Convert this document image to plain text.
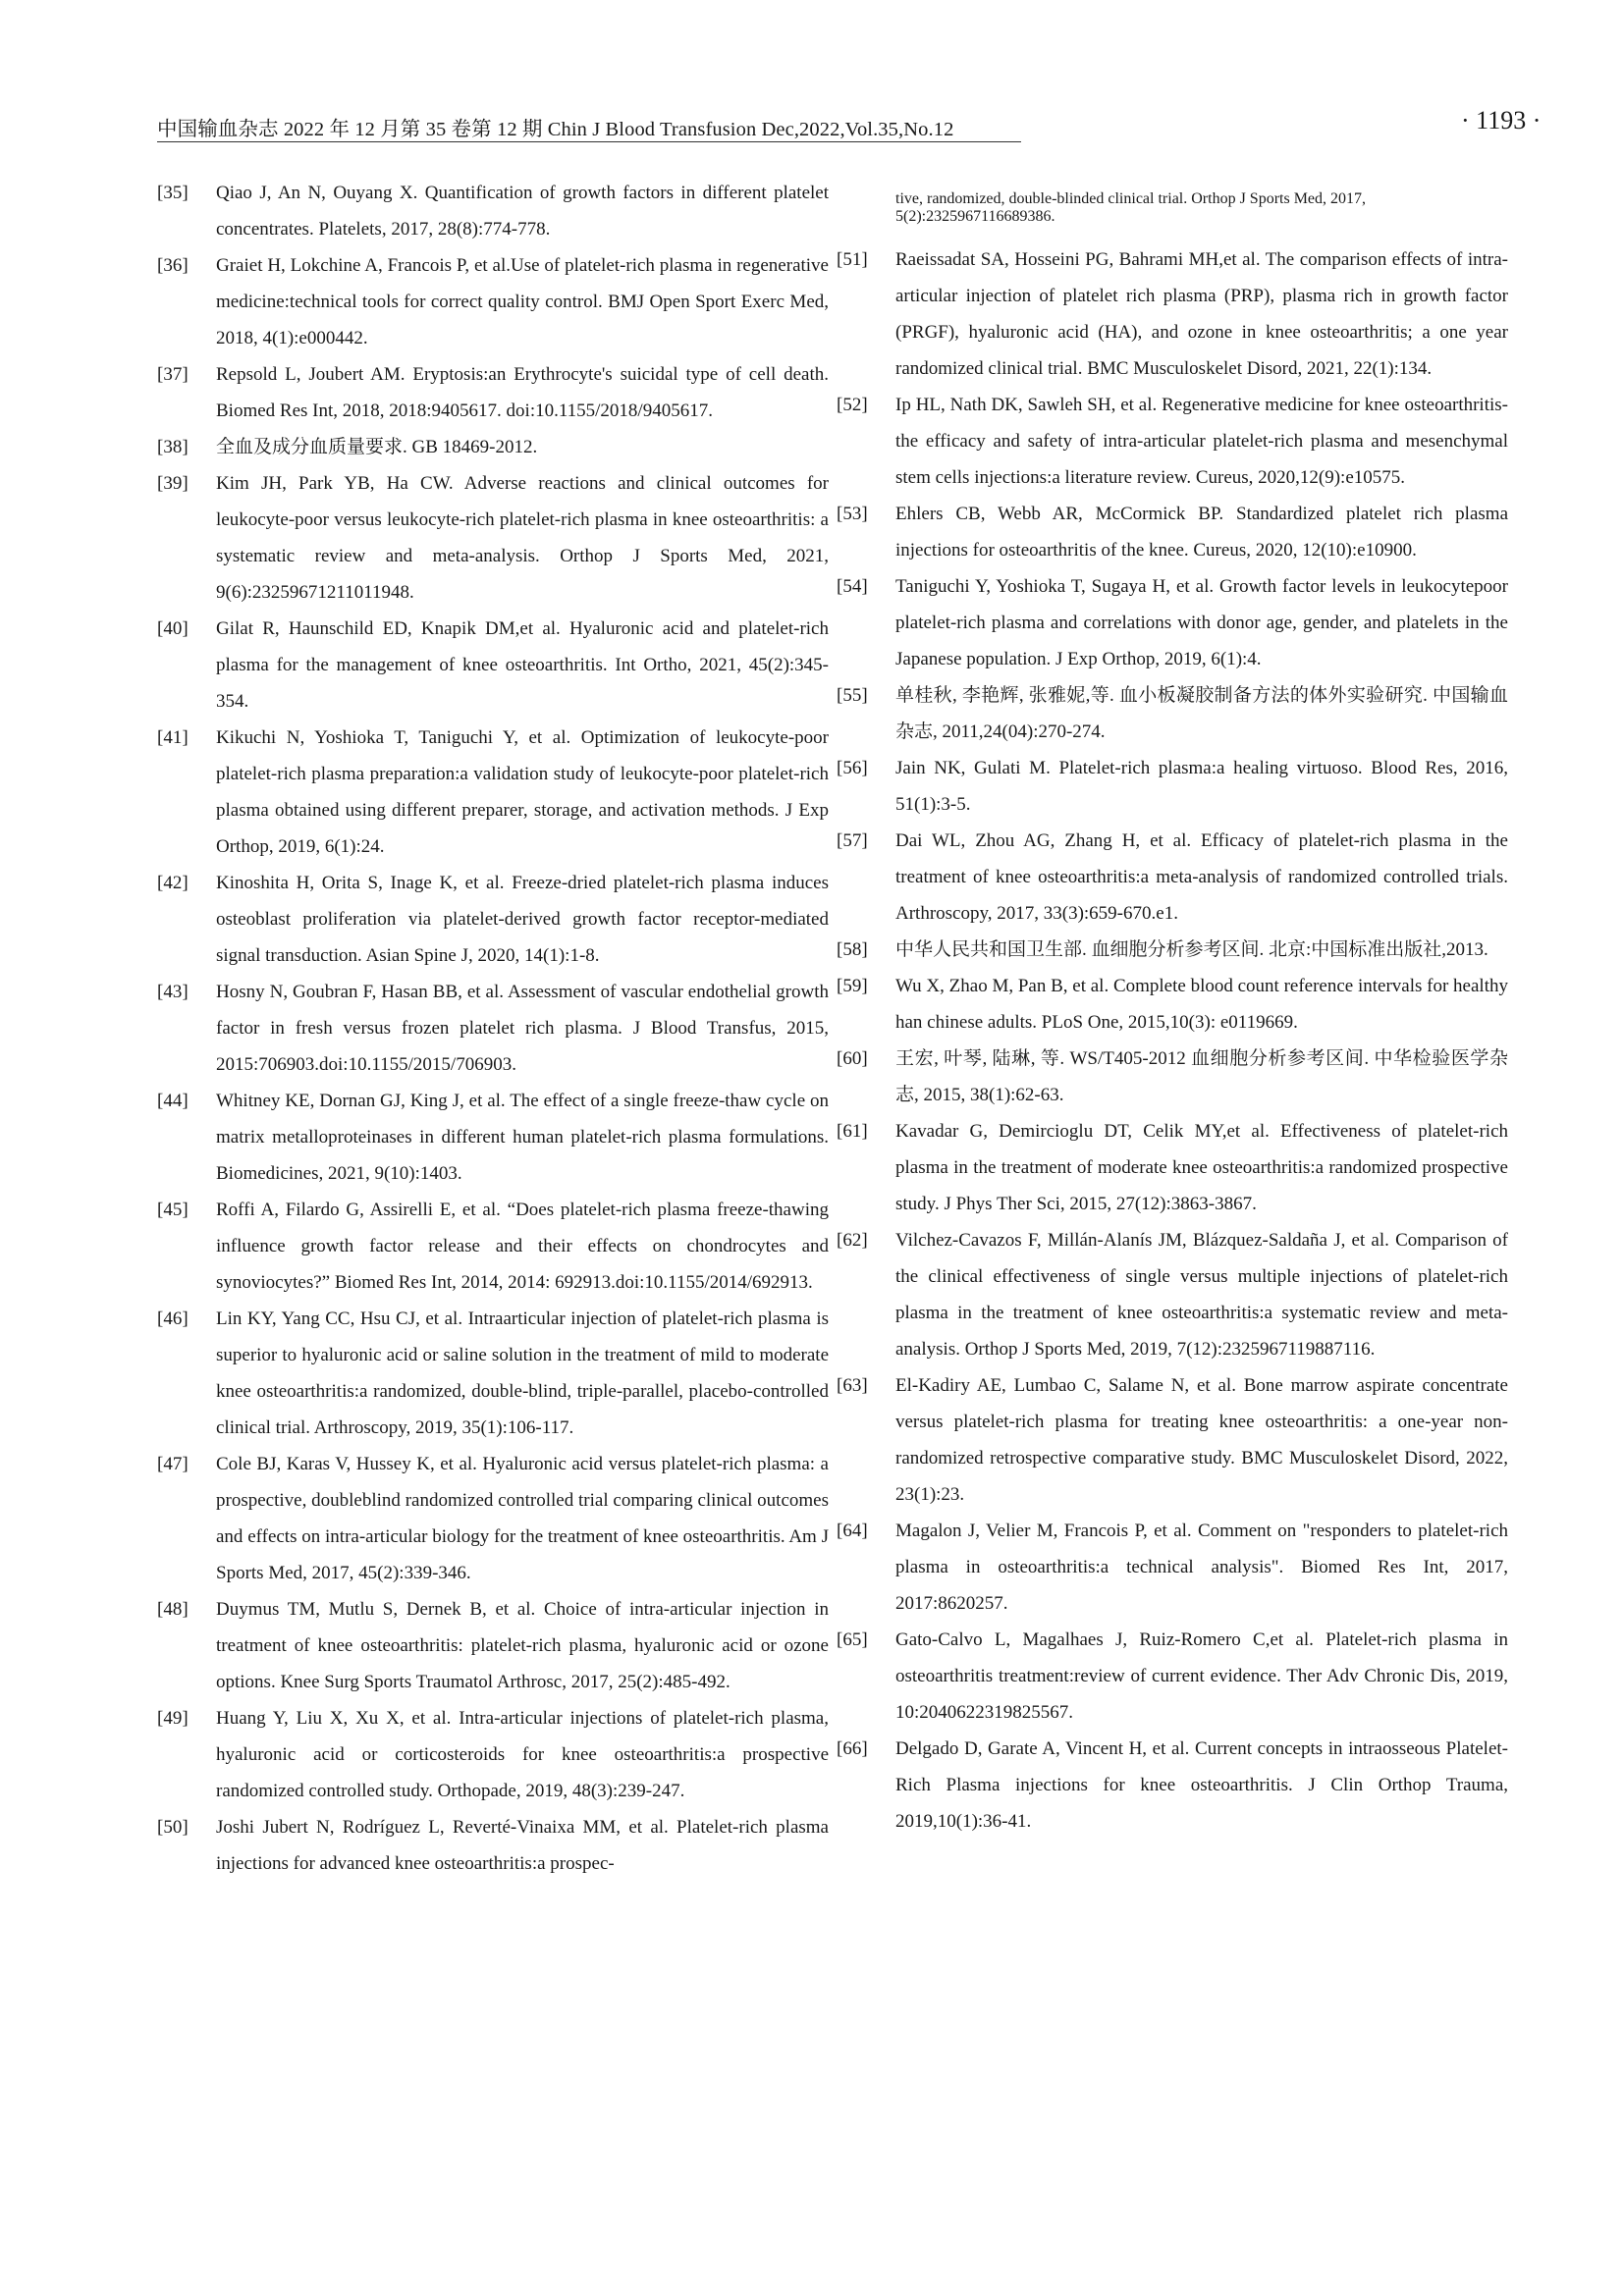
中国输血杂志 2022 年 12 月第 35 卷第 12 期 Chin J Blood Transfusion Dec,2022,Vol.35,No.12	· 1193 ·

[35]	Qiao J, An N, Ouyang X. Quantification of growth factors in different platelet concentrates. Platelets, 2017, 28(8):774-778.

[36]	Graiet H, Lokchine A, Francois P, et al.Use of platelet-rich plasma in regenerative medicine:technical tools for correct quality control. BMJ Open Sport Exerc Med, 2018, 4(1):e000442.

[37]	Repsold L, Joubert AM. Eryptosis:an Erythrocyte's suicidal type of cell death. Biomed Res Int, 2018, 2018:9405617. doi:10.1155/2018/9405617.

[38]	全血及成分血质量要求. GB 18469-2012.

[39]	Kim JH, Park YB, Ha CW. Adverse reactions and clinical outcomes for leukocyte-poor versus leukocyte-rich platelet-rich plasma in knee osteoarthritis: a systematic review and meta-analysis. Orthop J Sports Med, 2021, 9(6):23259671211011948.

[40]	Gilat R, Haunschild ED, Knapik DM,et al. Hyaluronic acid and platelet-rich plasma for the management of knee osteoarthritis. Int Ortho, 2021, 45(2):345-354.

[41]	Kikuchi N, Yoshioka T, Taniguchi Y, et al. Optimization of leukocyte-poor platelet-rich plasma preparation:a validation study of leukocyte-poor platelet-rich plasma obtained using different preparer, storage, and activation methods. J Exp Orthop, 2019, 6(1):24.

[42]	Kinoshita H, Orita S, Inage K, et al. Freeze-dried platelet-rich plasma induces osteoblast proliferation via platelet-derived growth factor receptor-mediated signal transduction. Asian Spine J, 2020, 14(1):1-8.

[43]	Hosny N, Goubran F, Hasan BB, et al. Assessment of vascular endothelial growth factor in fresh versus frozen platelet rich plasma. J Blood Transfus, 2015, 2015:706903.doi:10.1155/2015/706903.

[44]	Whitney KE, Dornan GJ, King J, et al. The effect of a single freeze-thaw cycle on matrix metalloproteinases in different human platelet-rich plasma formulations. Biomedicines, 2021, 9(10):1403.

[45]	Roffi A, Filardo G, Assirelli E, et al. “Does platelet-rich plasma freeze-thawing influence growth factor release and their effects on chondrocytes and synoviocytes?” Biomed Res Int, 2014, 2014: 692913.doi:10.1155/2014/692913.

[46]	Lin KY, Yang CC, Hsu CJ, et al. Intraarticular injection of platelet-rich plasma is superior to hyaluronic acid or saline solution in the treatment of mild to moderate knee osteoarthritis:a randomized, double-blind, triple-parallel, placebo-controlled clinical trial. Arthroscopy, 2019, 35(1):106-117.

[47]	Cole BJ, Karas V, Hussey K, et al. Hyaluronic acid versus platelet-rich plasma: a prospective, doubleblind randomized controlled trial comparing clinical outcomes and effects on intra-articular biology for the treatment of knee osteoarthritis. Am J Sports Med, 2017, 45(2):339-346.

[48]	Duymus TM, Mutlu S, Dernek B, et al. Choice of intra-articular injection in treatment of knee osteoarthritis: platelet-rich plasma, hyaluronic acid or ozone options. Knee Surg Sports Traumatol Arthrosc, 2017, 25(2):485-492.

[49]	Huang Y, Liu X, Xu X, et al. Intra-articular injections of platelet-rich plasma, hyaluronic acid or corticosteroids for knee osteoarthritis:a prospective randomized controlled study. Orthopade, 2019, 48(3):239-247.

[50]	Joshi Jubert N, Rodríguez L, Reverté-Vinaixa MM, et al. Platelet-rich plasma injections for advanced knee osteoarthritis:a prospec-

tive, randomized, double-blinded clinical trial. Orthop J Sports Med, 2017, 5(2):2325967116689386.

[51]	Raeissadat SA, Hosseini PG, Bahrami MH,et al. The comparison effects of intra-articular injection of platelet rich plasma (PRP), plasma rich in growth factor (PRGF), hyaluronic acid (HA), and ozone in knee osteoarthritis; a one year randomized clinical trial. BMC Musculoskelet Disord, 2021, 22(1):134.

[52]	Ip HL, Nath DK, Sawleh SH, et al. Regenerative medicine for knee osteoarthritis-the efficacy and safety of intra-articular platelet-rich plasma and mesenchymal stem cells injections:a literature review. Cureus, 2020,12(9):e10575.

[53]	Ehlers CB, Webb AR, McCormick BP. Standardized platelet rich plasma injections for osteoarthritis of the knee. Cureus, 2020, 12(10):e10900.

[54]	Taniguchi Y, Yoshioka T, Sugaya H, et al. Growth factor levels in leukocytepoor platelet-rich plasma and correlations with donor age, gender, and platelets in the Japanese population. J Exp Orthop, 2019, 6(1):4.

[55]	单桂秋, 李艳辉, 张雅妮,等. 血小板凝胶制备方法的体外实验研究. 中国输血杂志, 2011,24(04):270-274.

[56]	Jain NK, Gulati M. Platelet-rich plasma:a healing virtuoso. Blood Res, 2016, 51(1):3-5.

[57]	Dai WL, Zhou AG, Zhang H, et al. Efficacy of platelet-rich plasma in the treatment of knee osteoarthritis:a meta-analysis of randomized controlled trials. Arthroscopy, 2017, 33(3):659-670.e1.

[58]	中华人民共和国卫生部. 血细胞分析参考区间. 北京:中国标准出版社,2013.

[59]	Wu X, Zhao M, Pan B, et al. Complete blood count reference intervals for healthy han chinese adults. PLoS One, 2015,10(3): e0119669.

[60]	王宏, 叶琴, 陆琳, 等. WS/T405-2012 血细胞分析参考区间. 中华检验医学杂志, 2015, 38(1):62-63.

[61]	Kavadar G, Demircioglu DT, Celik MY,et al. Effectiveness of platelet-rich plasma in the treatment of moderate knee osteoarthritis:a randomized prospective study. J Phys Ther Sci, 2015, 27(12):3863-3867.

[62]	Vilchez-Cavazos F, Millán-Alanís JM, Blázquez-Saldaña J, et al. Comparison of the clinical effectiveness of single versus multiple injections of platelet-rich plasma in the treatment of knee osteoarthritis:a systematic review and meta-analysis. Orthop J Sports Med, 2019, 7(12):2325967119887116.

[63]	El-Kadiry AE, Lumbao C, Salame N, et al. Bone marrow aspirate concentrate versus platelet-rich plasma for treating knee osteoarthritis: a one-year non-randomized retrospective comparative study. BMC Musculoskelet Disord, 2022, 23(1):23.

[64]	Magalon J, Velier M, Francois P, et al. Comment on "responders to platelet-rich plasma in osteoarthritis:a technical analysis". Biomed Res Int, 2017, 2017:8620257.

[65]	Gato-Calvo L, Magalhaes J, Ruiz-Romero C,et al. Platelet-rich plasma in osteoarthritis treatment:review of current evidence. Ther Adv Chronic Dis, 2019, 10:2040622319825567.

[66]	Delgado D, Garate A, Vincent H, et al. Current concepts in intraosseous Platelet-Rich Plasma injections for knee osteoarthritis. J Clin Orthop Trauma, 2019,10(1):36-41.
